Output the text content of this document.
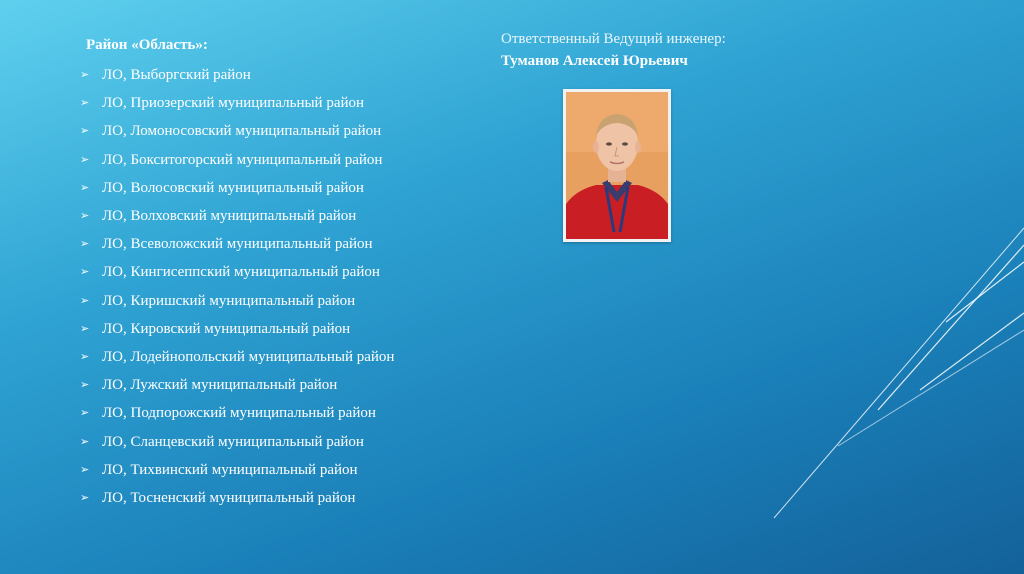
Район «Область»:
➢ ЛО, Выборгский район
➢ ЛО, Приозерский муниципальный район
➢ ЛО, Ломоносовский муниципальный район
➢ ЛО, Бокситогорский муниципальный район
➢ ЛО, Волосовский муниципальный район
➢ ЛО, Волховский муниципальный район
➢ ЛО, Всеволожский муниципальный район
➢ ЛО, Кингисеппский муниципальный район
➢ ЛО, Киришский муниципальный район
➢ ЛО, Кировский муниципальный район
➢ ЛО, Лодейнопольский муниципальный район
➢ ЛО, Лужский муниципальный район
➢ ЛО, Подпорожский муниципальный район
➢ ЛО, Сланцевский муниципальный район
➢ ЛО, Тихвинский муниципальный район
➢ ЛО, Тосненский муниципальный район
Ответственный Ведущий инженер:
Туманов Алексей Юрьевич
